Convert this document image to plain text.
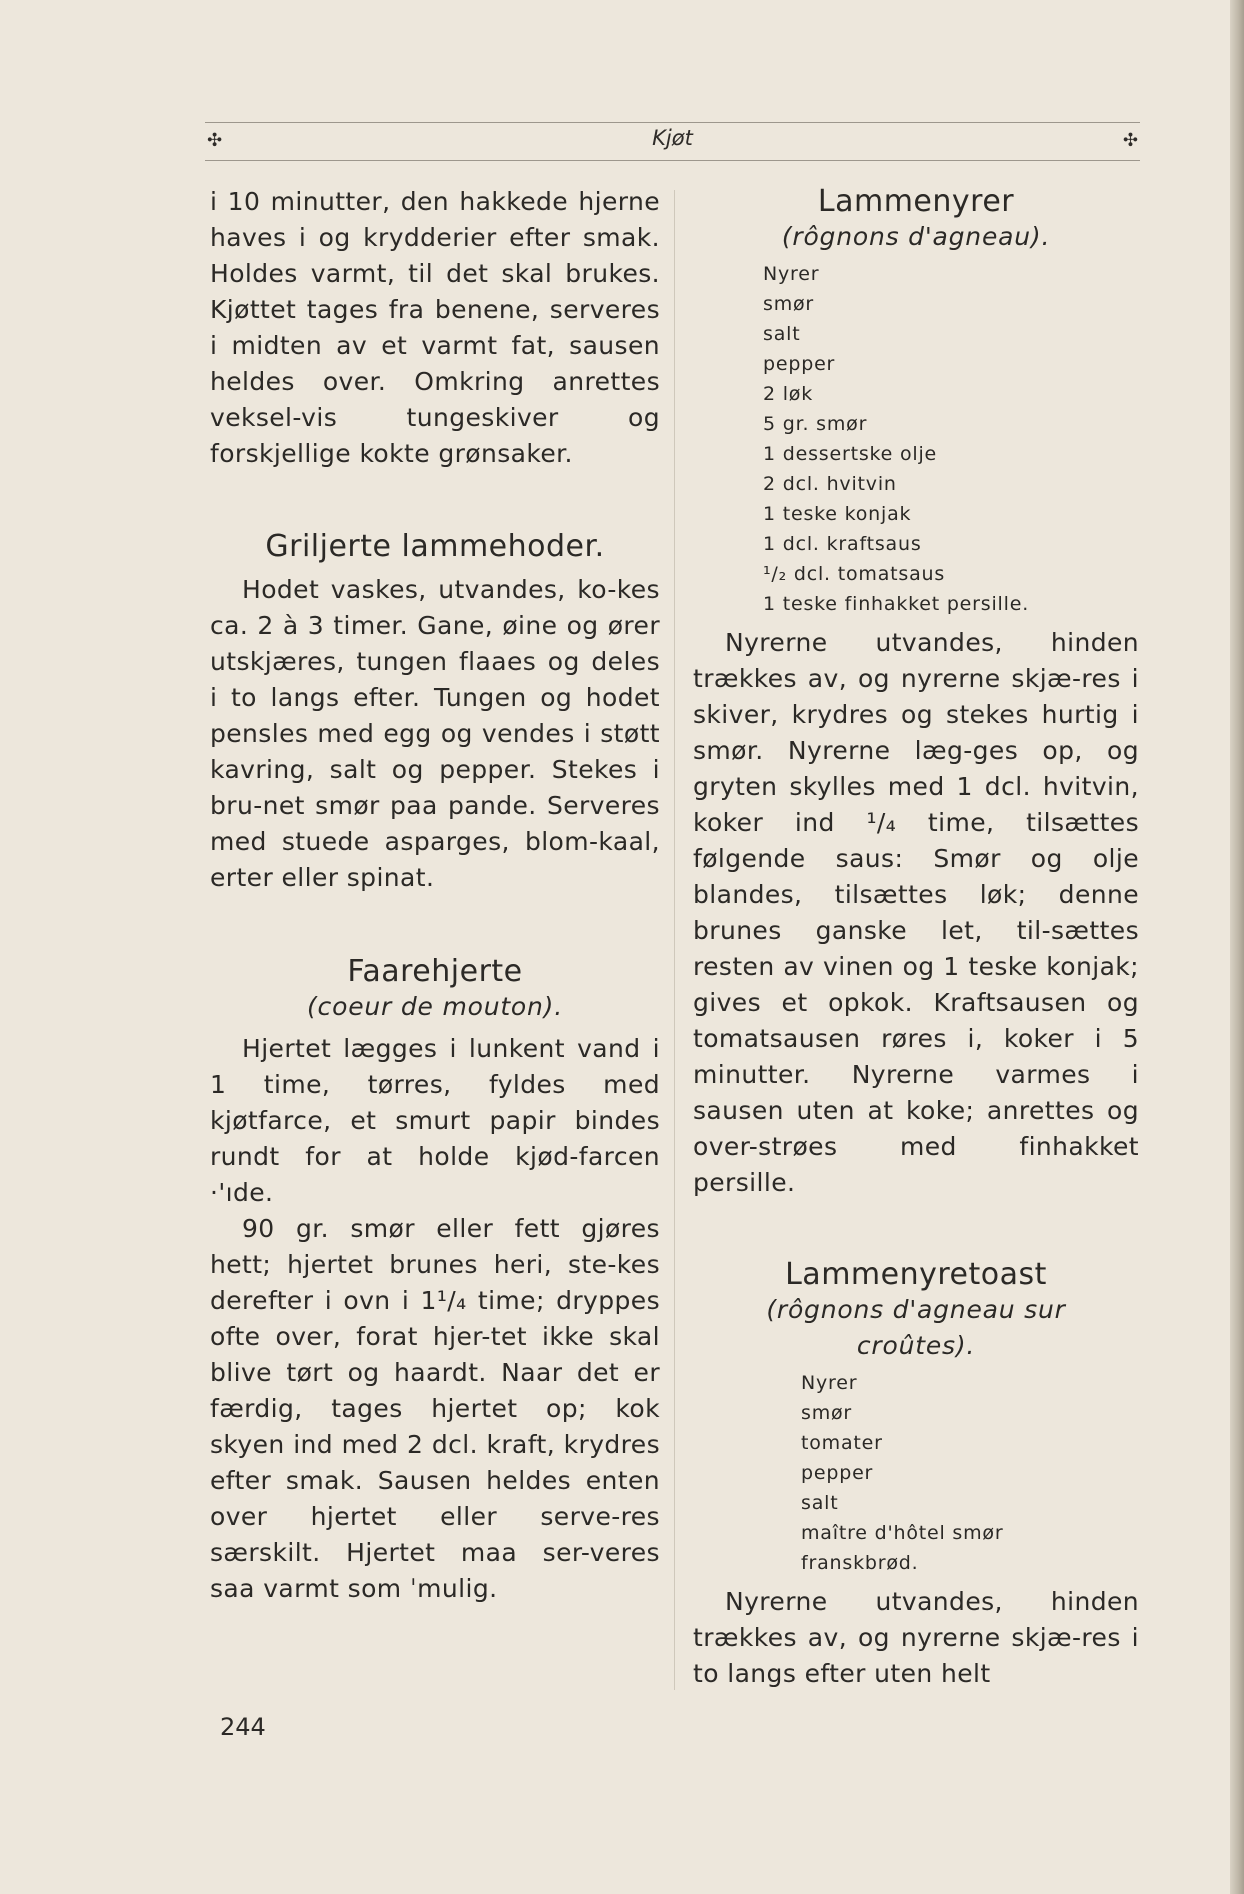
✣	Kjøt	✣

i 10 minutter, den hakkede hjerne haves i og krydderier efter smak. Holdes varmt, til det skal brukes. Kjøttet tages fra benene, serveres i midten av et varmt fat, sausen heldes over. Omkring anrettes veksel-vis tungeskiver og forskjellige kokte grønsaker.

Griljerte lammehoder.

Hodet vaskes, utvandes, ko-kes ca. 2 à 3 timer. Gane, øine og ører utskjæres, tungen flaaes og deles i to langs efter. Tungen og hodet pensles med egg og vendes i støtt kavring, salt og pepper. Stekes i bru-net smør paa pande. Serveres med stuede asparges, blom-kaal, erter eller spinat.

Faarehjerte

(coeur de mouton).

Hjertet lægges i lunkent vand i 1 time, tørres, fyldes med kjøtfarce, et smurt papir bindes rundt for at holde kjød-farcen ·'ıde.

90 gr. smør eller fett gjøres hett; hjertet brunes heri, ste-kes derefter i ovn i 1¹/₄ time; dryppes ofte over, forat hjer-tet ikke skal blive tørt og haardt. Naar det er færdig, tages hjertet op; kok skyen ind med 2 dcl. kraft, krydres efter smak. Sausen heldes enten over hjertet eller serve-res særskilt. Hjertet maa ser-veres saa varmt som ˈmulig.

Lammenyrer

(rôgnons d'agneau).

Nyrer
smør
salt
pepper
2 løk
5 gr. smør
1 dessertske olje
2 dcl. hvitvin
1 teske konjak
1 dcl. kraftsaus
¹/₂ dcl. tomatsaus
1 teske finhakket persille.

Nyrerne utvandes, hinden trækkes av, og nyrerne skjæ-res i skiver, krydres og stekes hurtig i smør. Nyrerne læg-ges op, og gryten skylles med 1 dcl. hvitvin, koker ind ¹/₄ time, tilsættes følgende saus: Smør og olje blandes, tilsættes løk; denne brunes ganske let, til-sættes resten av vinen og 1 teske konjak; gives et opkok. Kraftsausen og tomatsausen røres i, koker i 5 minutter. Nyrerne varmes i sausen uten at koke; anrettes og over-strøes med finhakket persille.

Lammenyretoast

(rôgnons d'agneau sur croûtes).

Nyrer
smør
tomater
pepper
salt
maître d'hôtel smør
franskbrød.

Nyrerne utvandes, hinden trækkes av, og nyrerne skjæ-res i to langs efter uten helt

244
